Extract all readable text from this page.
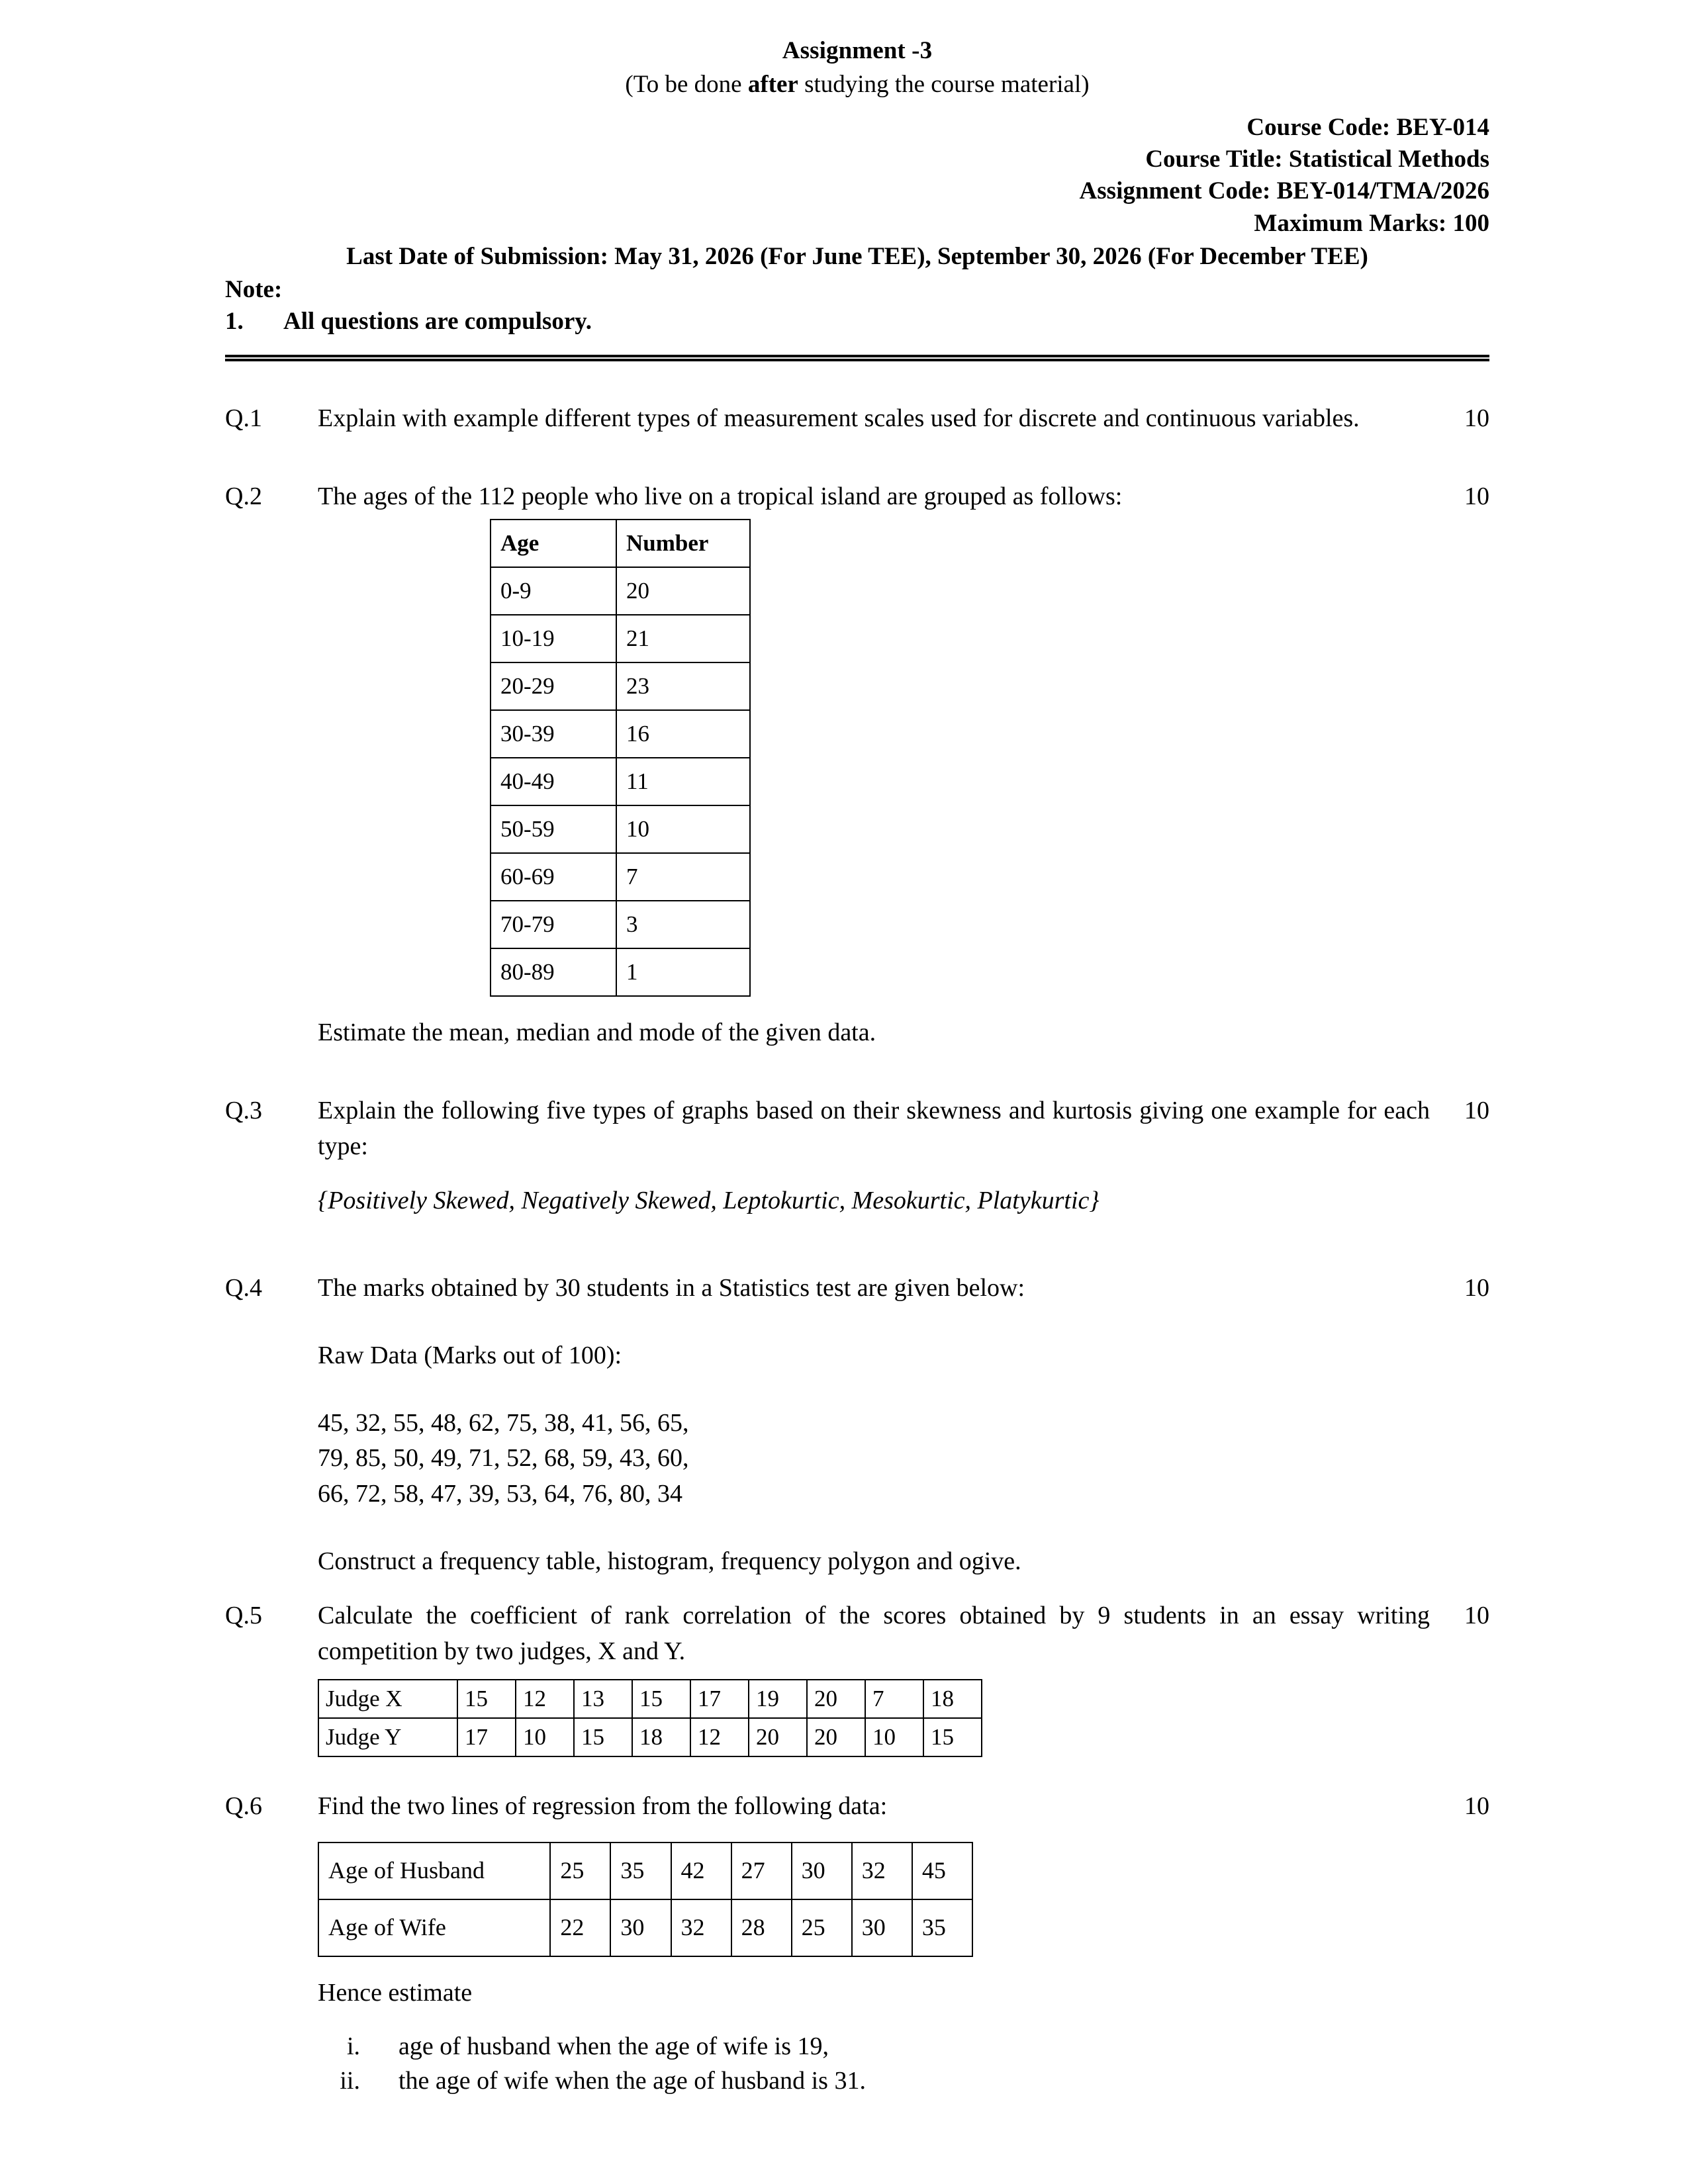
Assignment -3
(To be done after studying the course material)
Course Code: BEY-014
Course Title: Statistical Methods
Assignment Code: BEY-014/TMA/2026
Maximum Marks: 100
Last Date of Submission: May 31, 2026 (For June TEE), September 30, 2026 (For December TEE)
Note:
1.	All questions are compulsory.
Q.1	Explain with example different types of measurement scales used for discrete and continuous variables.	10
Q.2	The ages of the 112 people who live on a tropical island are grouped as follows:	10
Age	Number
0-9	20
10-19	21
20-29	23
30-39	16
40-49	11
50-59	10
60-69	7
70-79	3
80-89	1
Estimate the mean, median and mode of the given data.
Q.3	Explain the following five types of graphs based on their skewness and kurtosis giving one example for each type:
10
{Positively Skewed, Negatively Skewed, Leptokurtic, Mesokurtic, Platykurtic}
Q.4	The marks obtained by 30 students in a Statistics test are given below:	10
Raw Data (Marks out of 100):
45, 32, 55, 48, 62, 75, 38, 41, 56, 65,
79, 85, 50, 49, 71, 52, 68, 59, 43, 60,
66, 72, 58, 47, 39, 53, 64, 76, 80, 34
Construct a frequency table, histogram, frequency polygon and ogive.
Q.5	Calculate the coefficient of rank correlation of the scores obtained by 9 students in an essay writing competition by two judges, X and Y.
10
Judge X	15	12	13	15	17	19	20	7	18
Judge Y	17	10	15	18	12	20	20	10	15
Q.6	Find the two lines of regression from the following data:	10
Age of Husband	25	35	42	27	30	32	45
Age of Wife	22	30	32	28	25	30	35
Hence estimate
i.	age of husband when the age of wife is 19,
ii.	the age of wife when the age of husband is 31.
